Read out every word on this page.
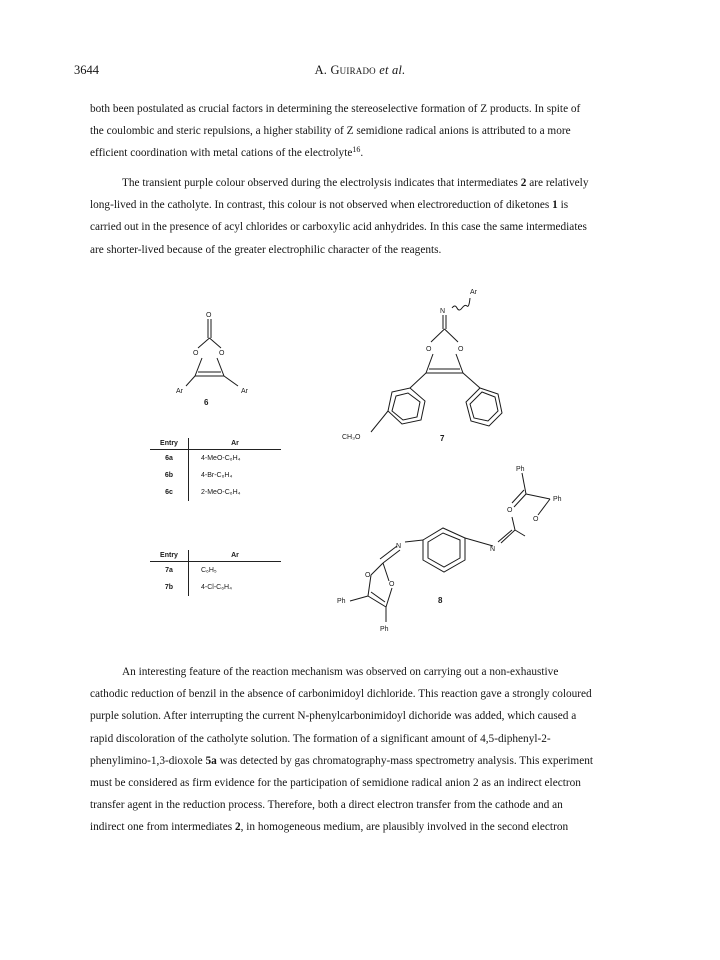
3644	A. Guirado et al.

both been postulated as crucial factors in determining the stereoselective formation of Z products. In spite of
the coulombic and steric repulsions, a higher stability of Z semidione radical anions is attributed to a more
efficient coordination with metal cations of the electrolyte$^{16}$.

The transient purple colour observed during the electrolysis indicates that intermediates 2 are relatively
long-lived in the catholyte. In contrast, this colour is not observed when electroreduction of diketones 1 is
carried out in the presence of acyl chlorides or carboxylic acid anhydrides. In this case the same intermediates
are shorter-lived because of the greater electrophilic character of the reagents.

O
O	O
Ar	Ar
6
N
Ar
O	O
CH₃O	7
Ph
Ph
O
O
N
N
O
O
Ph
Ph
8
Entry	Ar
6a	4-MeO-C₆H₄
6b	4-Br-C₆H₄
6c	2-MeO-C₆H₄
Entry	Ar
7a	C₆H₅
7b	4-Cl-C₆H₄

An interesting feature of the reaction mechanism was observed on carrying out a non-exhaustive
cathodic reduction of benzil in the absence of carbonimidoyl dichloride. This reaction gave a strongly coloured
purple solution. After interrupting the current N-phenylcarbonimidoyl dichoride was added, which caused a
rapid discoloration of the catholyte solution. The formation of a significant amount of 4,5-diphenyl-2-
phenylimino-1,3-dioxole 5a was detected by gas chromatography-mass spectrometry analysis. This experiment
must be considered as firm evidence for the participation of semidione radical anion 2 as an indirect electron
transfer agent in the reduction process. Therefore, both a direct electron transfer from the cathode and an
indirect one from intermediates 2, in homogeneous medium, are plausibly involved in the second electron
